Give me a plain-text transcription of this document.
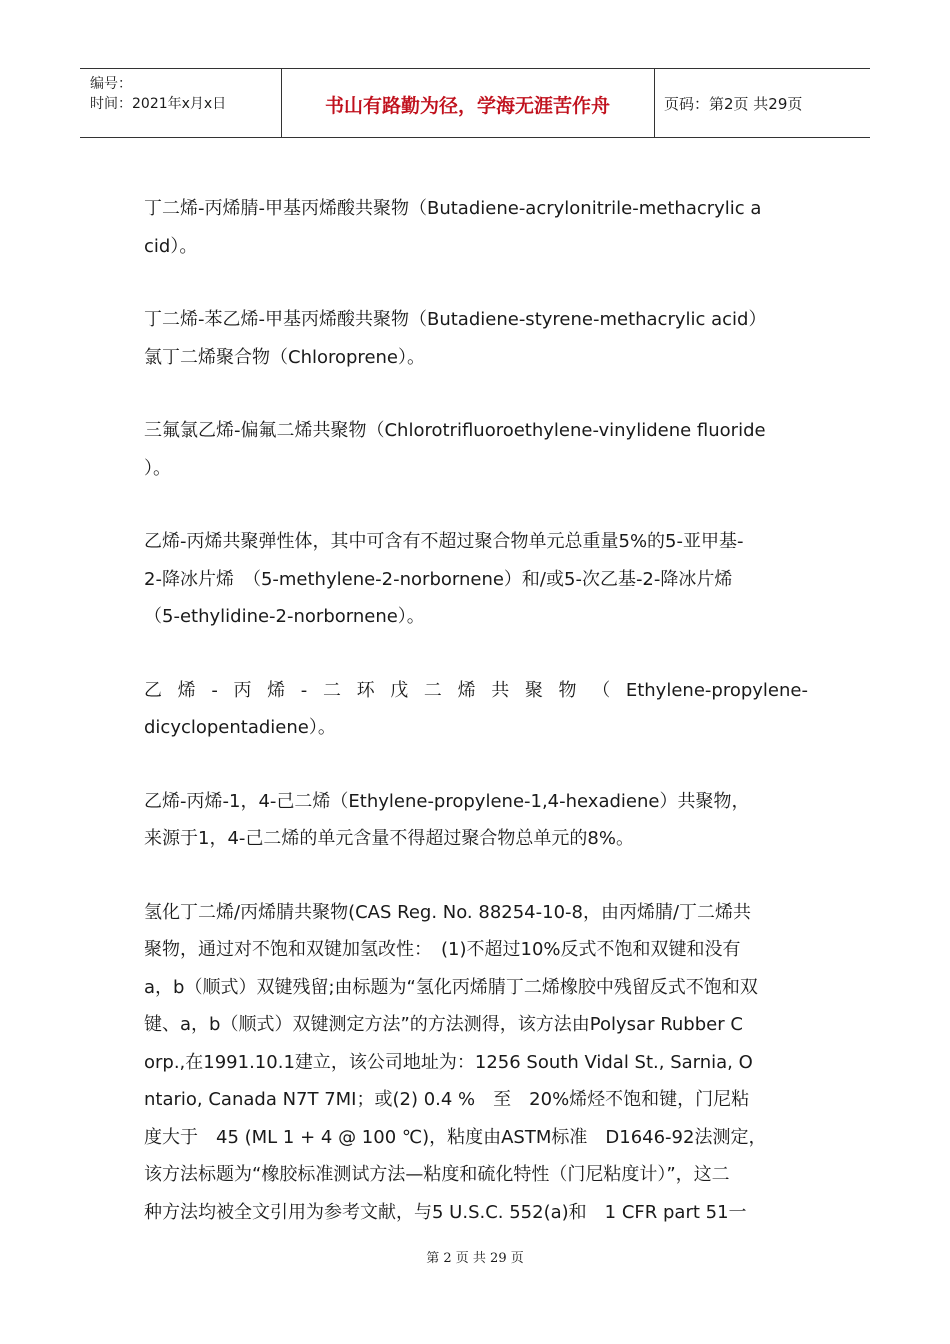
编号：
时间：2021年x月x日	书山有路勤为径，学海无涯苦作舟	页码：第2页 共29页
丁二烯-丙烯腈-甲基丙烯酸共聚物（Butadiene-acrylonitrile-methacrylic a
cid）。
丁二烯-苯乙烯-甲基丙烯酸共聚物（Butadiene-styrene-methacrylic acid）
氯丁二烯聚合物（Chloroprene）。
三氟氯乙烯-偏氟二烯共聚物（Chlorotrifluoroethylene-vinylidene fluoride
）。
乙烯-丙烯共聚弹性体，其中可含有不超过聚合物单元总重量5%的5-亚甲基-
2-降冰片烯　（5-methylene-2-norbornene）和/或5-次乙基-2-降冰片烯
（5-ethylidine-2-norbornene）。
乙 烯 - 丙 烯 - 二 环 戊 二 烯 共 聚 物 （ Ethylene-propylene-
dicyclopentadiene）。
乙烯-丙烯-1，4-己二烯（Ethylene-propylene-1,4-hexadiene）共聚物，
来源于1，4-己二烯的单元含量不得超过聚合物总单元的8%。
氢化丁二烯/丙烯腈共聚物(CAS Reg. No. 88254-10-8，由丙烯腈/丁二烯共
聚物，通过对不饱和双键加氢改性：　(1)不超过10%反式不饱和双键和没有
a，b（顺式）双键残留;由标题为“氢化丙烯腈丁二烯橡胶中残留反式不饱和双
键、a，b（顺式）双键测定方法”的方法测得，该方法由Polysar Rubber C
orp.,在1991.10.1建立，该公司地址为：1256 South Vidal St., Sarnia, O
ntario, Canada N7T 7MI；或(2) 0.4 %　至　20%烯烃不饱和键，门尼粘
度大于　45 (ML 1 + 4 @ 100 ℃)，粘度由ASTM标准　D1646-92法测定，
该方法标题为“橡胶标准测试方法—粘度和硫化特性（门尼粘度计）”，这二
种方法均被全文引用为参考文献，与5 U.S.C. 552(a)和　1 CFR part 51一
第 2 页 共 29 页
